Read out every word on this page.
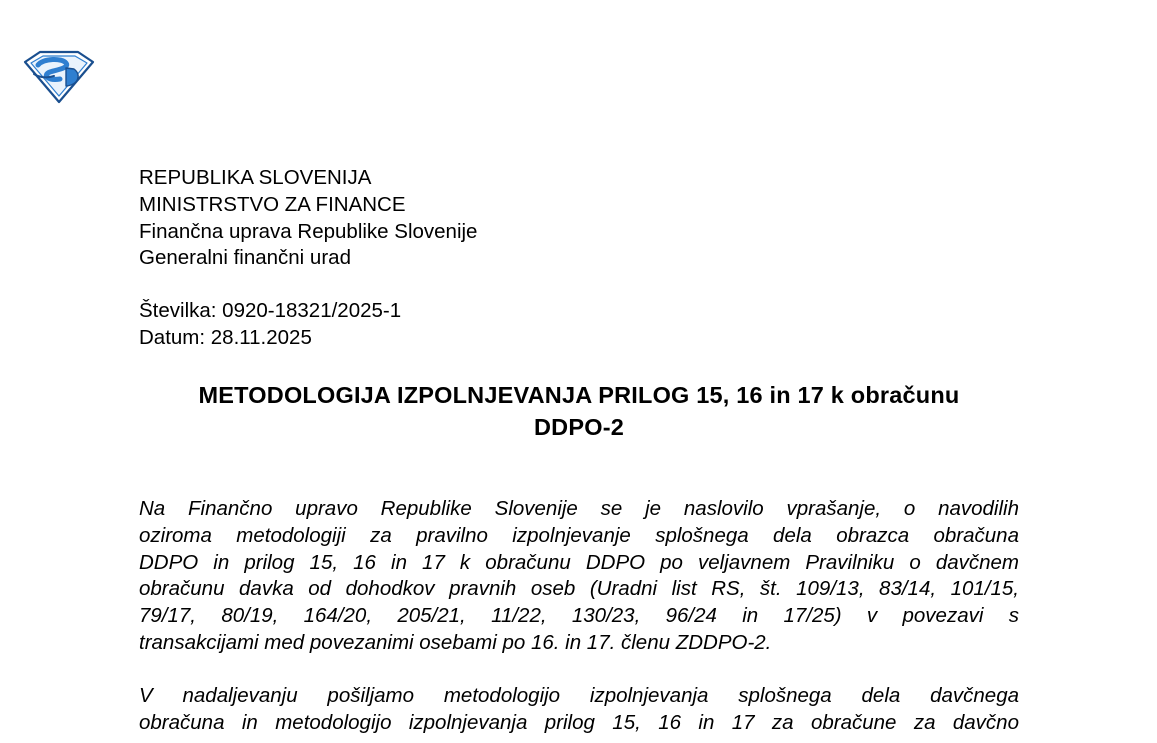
REPUBLIKA SLOVENIJA
MINISTRSTVO ZA FINANCE
Finančna uprava Republike Slovenije
Generalni finančni urad
Številka: 0920-18321/2025-1
Datum: 28.11.2025
METODOLOGIJA IZPOLNJEVANJA PRILOG 15, 16 in 17 k obračunu
DDPO-2
Na Finančno upravo Republike Slovenije se je naslovilo vprašanje, o navodilih
oziroma metodologiji za pravilno izpolnjevanje splošnega dela obrazca obračuna
DDPO in prilog 15, 16 in 17 k obračunu DDPO po veljavnem Pravilniku o davčnem
obračunu davka od dohodkov pravnih oseb (Uradni list RS, št. 109/13, 83/14, 101/15,
79/17, 80/19, 164/20, 205/21, 11/22, 130/23, 96/24 in 17/25) v povezavi s
transakcijami med povezanimi osebami po 16. in 17. členu ZDDPO-2.
V nadaljevanju pošiljamo metodologijo izpolnjevanja splošnega dela davčnega
obračuna in metodologijo izpolnjevanja prilog 15, 16 in 17 za obračune za davčno
